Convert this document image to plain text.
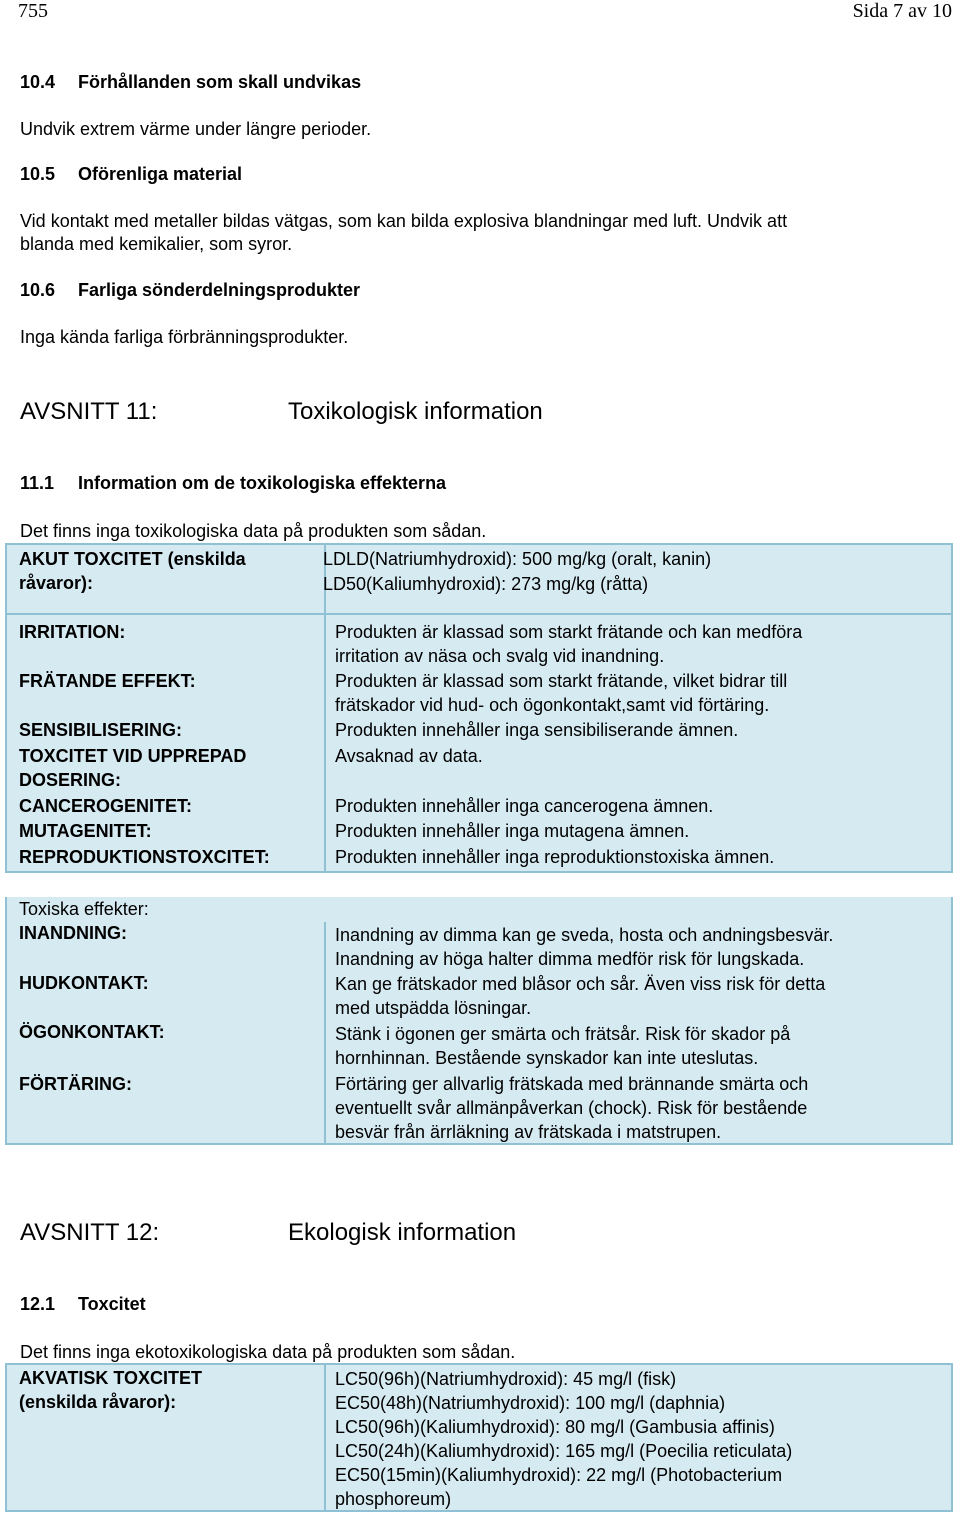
755	Sida 7 av 10
10.4 Förhållanden som skall undvikas
Undvik extrem värme under längre perioder.
10.5 Oförenliga material
Vid kontakt med metaller bildas vätgas, som kan bilda explosiva blandningar med luft. Undvik att
blanda med kemikalier, som syror.
10.6 Farliga sönderdelningsprodukter
Inga kända farliga förbränningsprodukter.
AVSNITT 11:	Toxikologisk information
11.1 Information om de toxikologiska effekterna
Det finns inga toxikologiska data på produkten som sådan.
AKUT TOXCITET (enskilda
råvaror):
LDLD(Natriumhydroxid): 500 mg/kg (oralt, kanin)
LD50(Kaliumhydroxid): 273 mg/kg (råtta)
IRRITATION:	Produkten är klassad som starkt frätande och kan medföra
irritation av näsa och svalg vid inandning.
FRÄTANDE EFFEKT:	Produkten är klassad som starkt frätande, vilket bidrar till
frätskador vid hud- och ögonkontakt,samt vid förtäring.
SENSIBILISERING:	Produkten innehåller inga sensibiliserande ämnen.
TOXCITET VID UPPREPAD
DOSERING:
Avsaknad av data.
CANCEROGENITET:	Produkten innehåller inga cancerogena ämnen.
MUTAGENITET:	Produkten innehåller inga mutagena ämnen.
REPRODUKTIONSTOXCITET:	Produkten innehåller inga reproduktionstoxiska ämnen.
Toxiska effekter:
INANDNING:	Inandning av dimma kan ge sveda, hosta och andningsbesvär.
Inandning av höga halter dimma medför risk för lungskada.
HUDKONTAKT:	Kan ge frätskador med blåsor och sår. Även viss risk för detta
med utspädda lösningar.
ÖGONKONTAKT:	Stänk i ögonen ger smärta och frätsår. Risk för skador på
hornhinnan. Bestående synskador kan inte uteslutas.
FÖRTÄRING:	Förtäring ger allvarlig frätskada med brännande smärta och
eventuellt svår allmänpåverkan (chock). Risk för bestående
besvär från ärrläkning av frätskada i matstrupen.
AVSNITT 12:	Ekologisk information
12.1 Toxcitet
Det finns inga ekotoxikologiska data på produkten som sådan.
AKVATISK TOXCITET
(enskilda råvaror):
LC50(96h)(Natriumhydroxid): 45 mg/l (fisk)
EC50(48h)(Natriumhydroxid): 100 mg/l (daphnia)
LC50(96h)(Kaliumhydroxid): 80 mg/l (Gambusia affinis)
LC50(24h)(Kaliumhydroxid): 165 mg/l (Poecilia reticulata)
EC50(15min)(Kaliumhydroxid): 22 mg/l (Photobacterium
phosphoreum)
